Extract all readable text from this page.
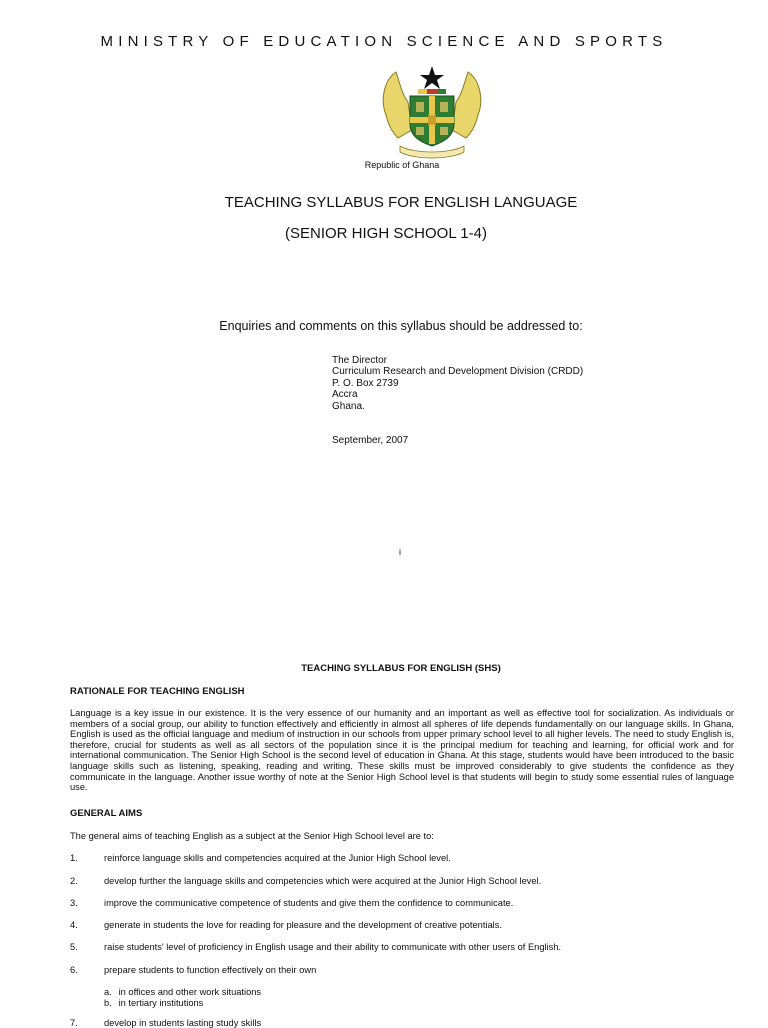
MINISTRY OF EDUCATION SCIENCE AND SPORTS
Republic of Ghana
TEACHING SYLLABUS FOR ENGLISH LANGUAGE
(SENIOR HIGH SCHOOL 1-4)
Enquiries and comments on this syllabus should be addressed to:
The Director
Curriculum Research and Development Division (CRDD)
P. O. Box 2739
Accra
Ghana.
September, 2007
i
TEACHING SYLLABUS FOR ENGLISH (SHS)
RATIONALE FOR TEACHING ENGLISH
Language is a key issue in our existence. It is the very essence of our humanity and an important as well as effective tool for socialization. As individuals or members of a social group, our ability to function effectively and efficiently in almost all spheres of life depends fundamentally on our language skills. In Ghana, English is used as the official language and medium of instruction in our schools from upper primary school level to all higher levels. The need to study English is, therefore, crucial for students as well as all sectors of the population since it is the principal medium for teaching and learning, for official work and for international communication. The Senior High School is the second level of education in Ghana. At this stage, students would have been introduced to the basic language skills such as listening, speaking, reading and writing. These skills must be improved considerably to give students the confidence as they communicate in the language. Another issue worthy of note at the Senior High School level is that students will begin to study some essential rules of language use.
GENERAL AIMS
The general aims of teaching English as a subject at the Senior High School level are to:
1.	reinforce language skills and competencies acquired at the Junior High School level.
2.	develop further the language skills and competencies which were acquired at the Junior High School level.
3.	improve the communicative competence of students and give them the confidence to communicate.
4.	generate in students the love for reading for pleasure and the development of creative potentials.
5.	raise students' level of proficiency in English usage and their ability to communicate with other users of English.
6.	prepare students to function effectively on their own
a. in offices and other work situations
b. in tertiary institutions
7.	develop in students lasting study skills
